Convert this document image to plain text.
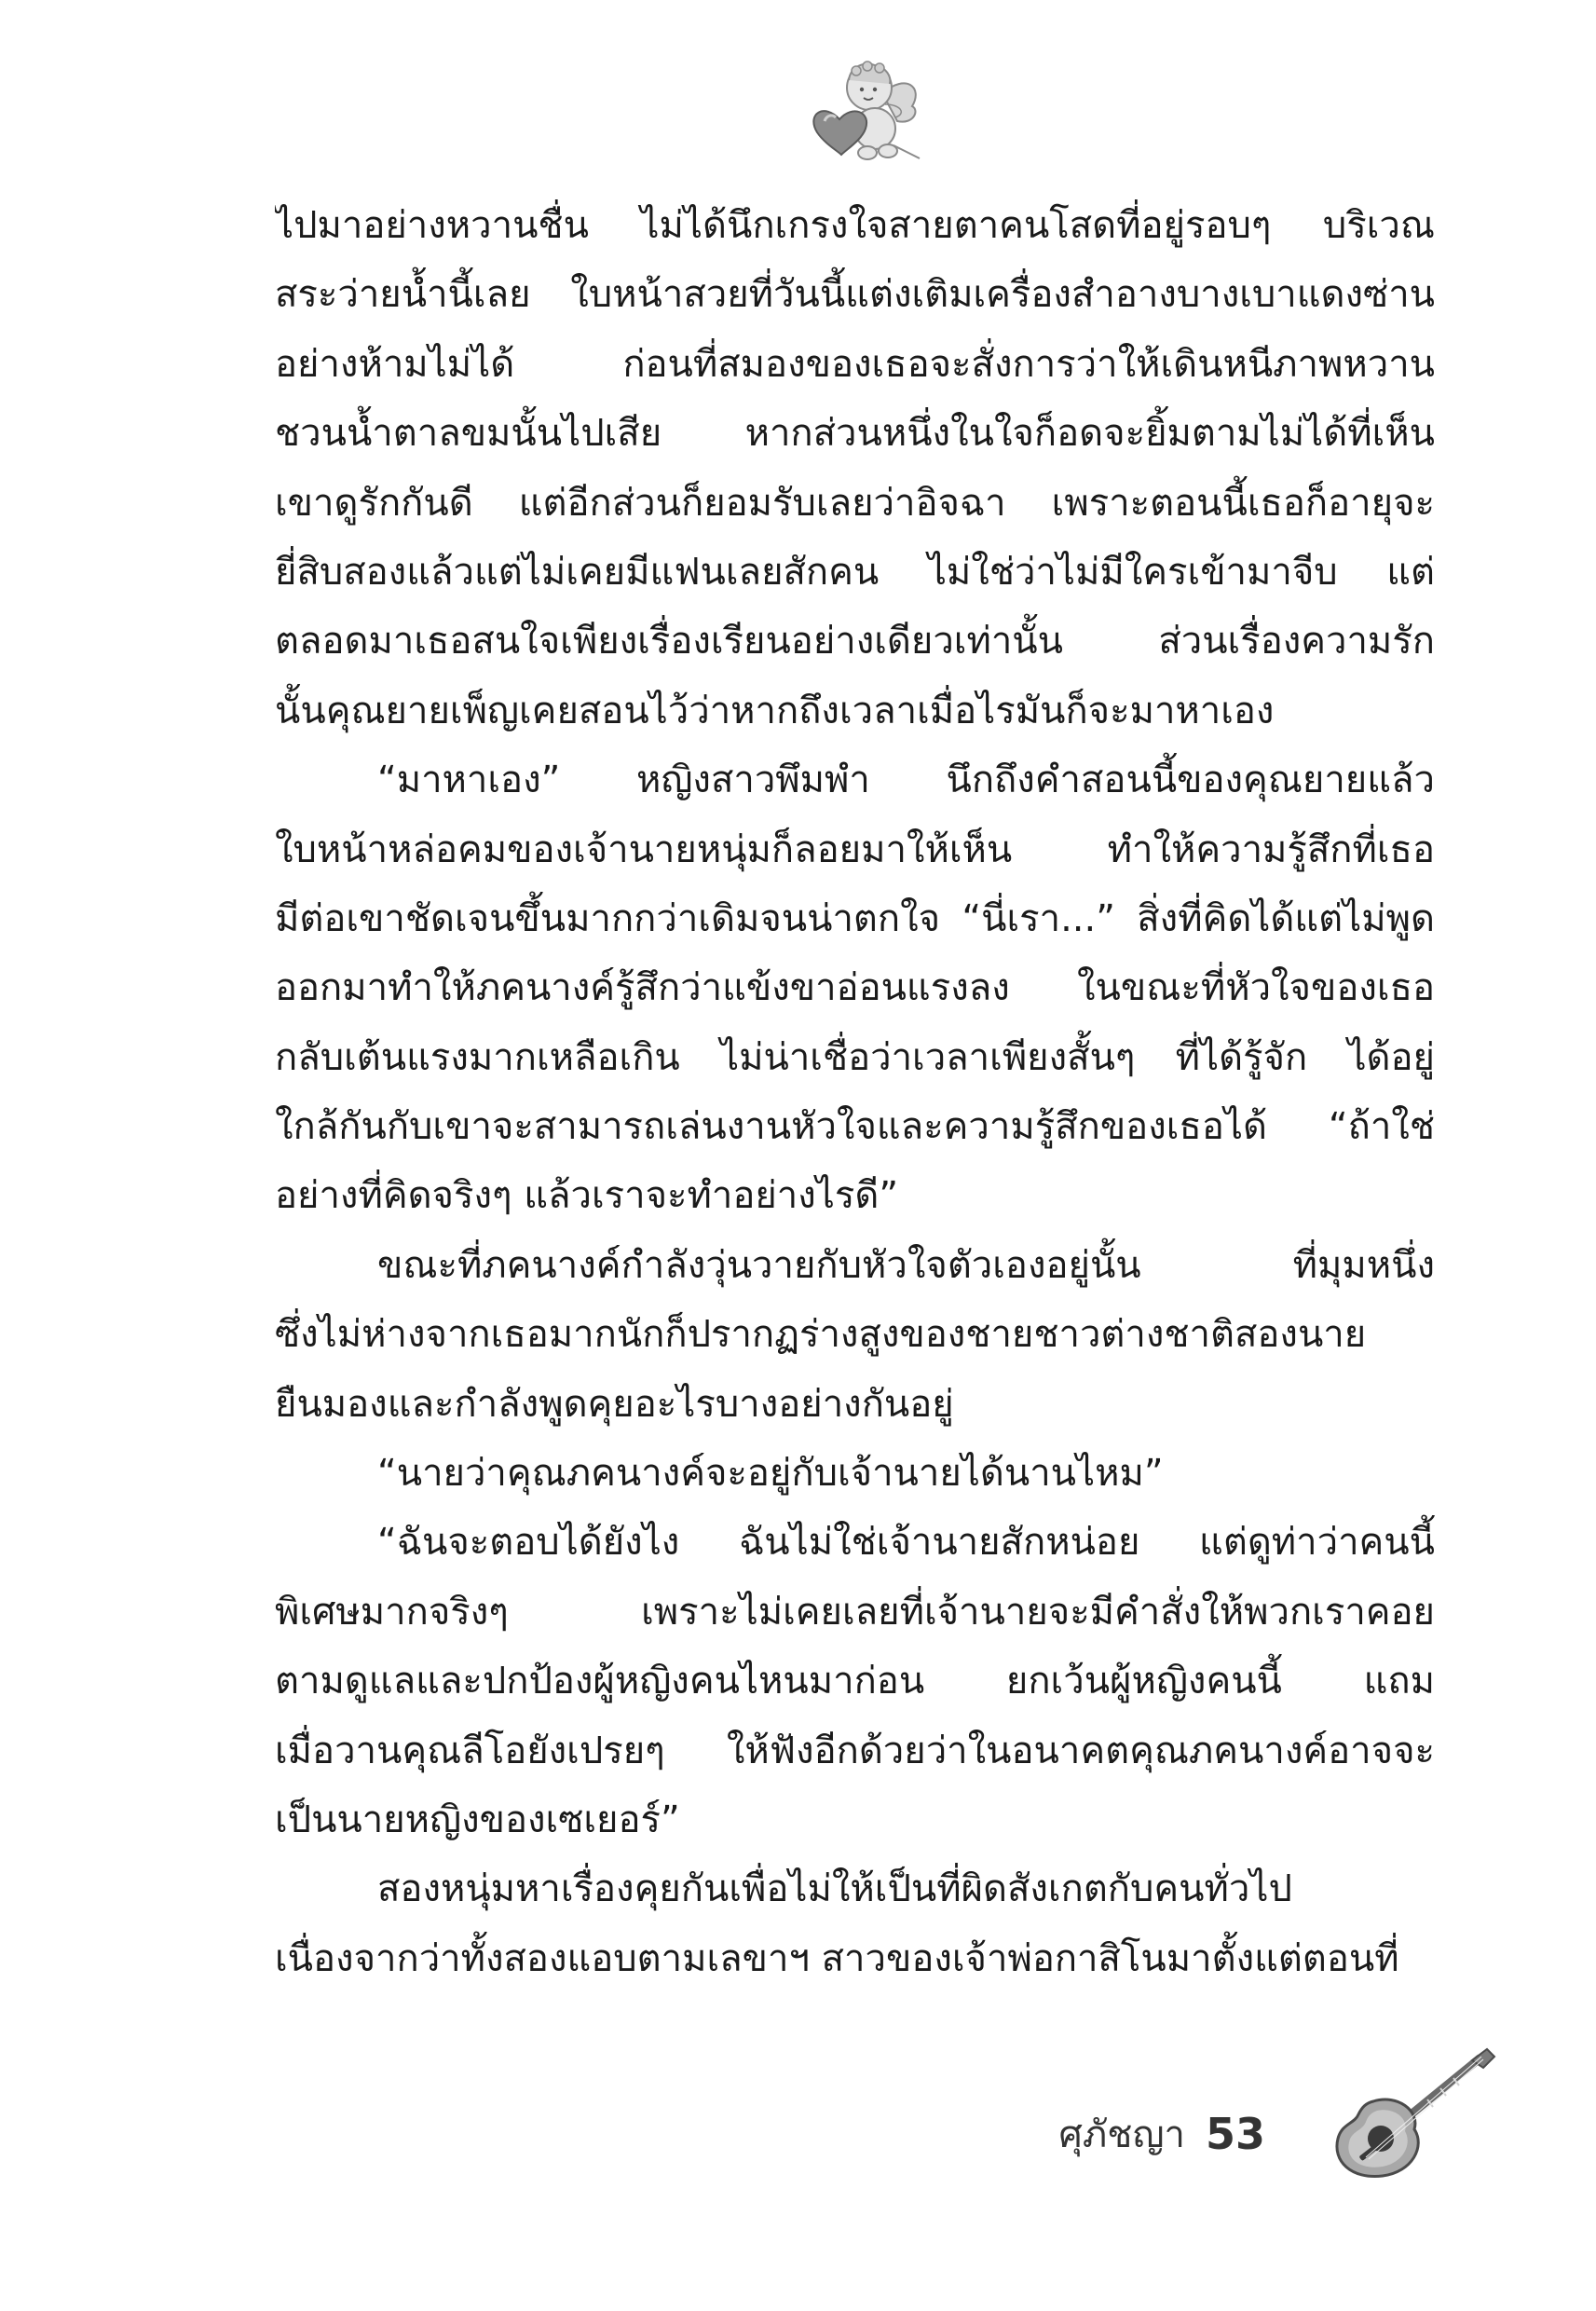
ไปมาอย่างหวานชื่น ไม่ได้นึกเกรงใจสายตาคนโสดที่อยู่รอบๆ บริเวณ
สระว่ายน้ำนี้เลย ใบหน้าสวยที่วันนี้แต่งเติมเครื่องสำอางบางเบาแดงซ่าน
อย่างห้ามไม่ได้ ก่อนที่สมองของเธอจะสั่งการว่าให้เดินหนีภาพหวาน
ชวนน้ำตาลขมนั้นไปเสีย หากส่วนหนึ่งในใจก็อดจะยิ้มตามไม่ได้ที่เห็น
เขาดูรักกันดี แต่อีกส่วนก็ยอมรับเลยว่าอิจฉา เพราะตอนนี้เธอก็อายุจะ
ยี่สิบสองแล้วแต่ไม่เคยมีแฟนเลยสักคน ไม่ใช่ว่าไม่มีใครเข้ามาจีบ แต่
ตลอดมาเธอสนใจเพียงเรื่องเรียนอย่างเดียวเท่านั้น ส่วนเรื่องความรัก
นั้นคุณยายเพ็ญเคยสอนไว้ว่าหากถึงเวลาเมื่อไรมันก็จะมาหาเอง
“มาหาเอง” หญิงสาวพึมพำ นึกถึงคำสอนนี้ของคุณยายแล้ว
ใบหน้าหล่อคมของเจ้านายหนุ่มก็ลอยมาให้เห็น ทำให้ความรู้สึกที่เธอ
มีต่อเขาชัดเจนขึ้นมากกว่าเดิมจนน่าตกใจ “นี่เรา...” สิ่งที่คิดได้แต่ไม่พูด
ออกมาทำให้ภคนางค์รู้สึกว่าแข้งขาอ่อนแรงลง ในขณะที่หัวใจของเธอ
กลับเต้นแรงมากเหลือเกิน ไม่น่าเชื่อว่าเวลาเพียงสั้นๆ ที่ได้รู้จัก ได้อยู่
ใกล้กันกับเขาจะสามารถเล่นงานหัวใจและความรู้สึกของเธอได้ “ถ้าใช่
อย่างที่คิดจริงๆ แล้วเราจะทำอย่างไรดี”
ขณะที่ภคนางค์กำลังวุ่นวายกับหัวใจตัวเองอยู่นั้น ที่มุมหนึ่ง
ซึ่งไม่ห่างจากเธอมากนักก็ปรากฏร่างสูงของชายชาวต่างชาติสองนาย
ยืนมองและกำลังพูดคุยอะไรบางอย่างกันอยู่
“นายว่าคุณภคนางค์จะอยู่กับเจ้านายได้นานไหม”
“ฉันจะตอบได้ยังไง ฉันไม่ใช่เจ้านายสักหน่อย แต่ดูท่าว่าคนนี้
พิเศษมากจริงๆ เพราะไม่เคยเลยที่เจ้านายจะมีคำสั่งให้พวกเราคอย
ตามดูแลและปกป้องผู้หญิงคนไหนมาก่อน ยกเว้นผู้หญิงคนนี้ แถม
เมื่อวานคุณลีโอยังเปรยๆ ให้ฟังอีกด้วยว่าในอนาคตคุณภคนางค์อาจจะ
เป็นนายหญิงของเซเยอร์”
สองหนุ่มหาเรื่องคุยกันเพื่อไม่ให้เป็นที่ผิดสังเกตกับคนทั่วไป
เนื่องจากว่าทั้งสองแอบตามเลขาฯ สาวของเจ้าพ่อกาสิโนมาตั้งแต่ตอนที่
ศุภัชญา 53
